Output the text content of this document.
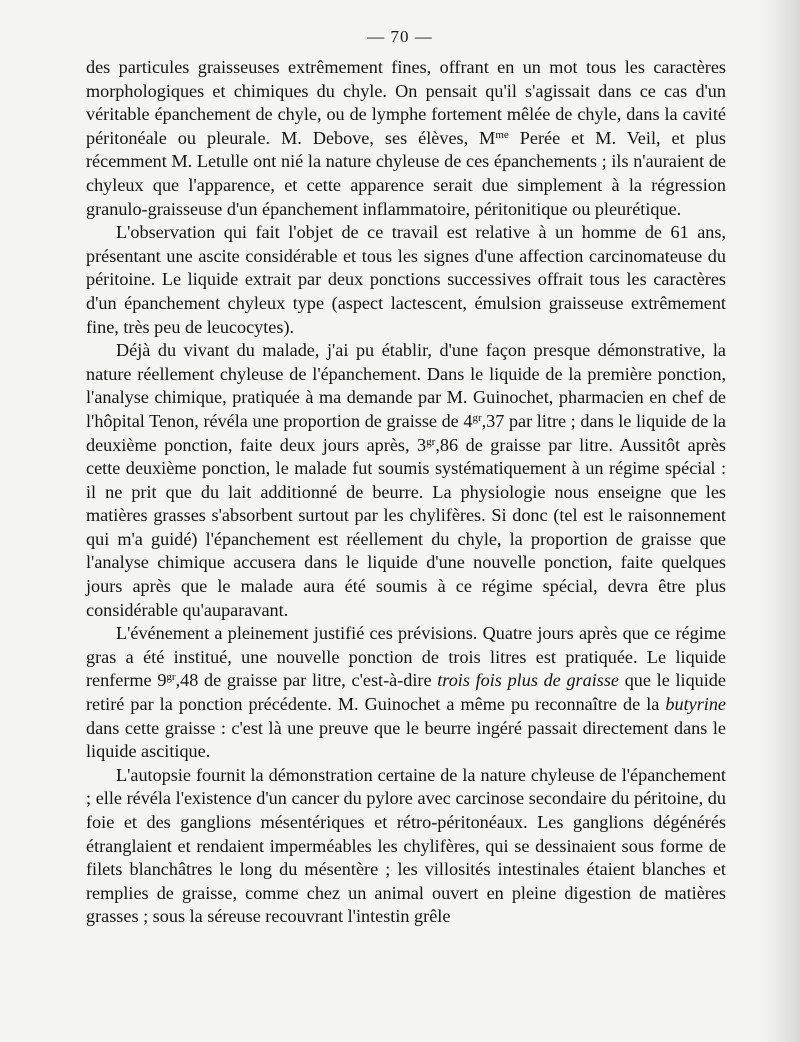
— 70 —

des particules graisseuses extrêmement fines, offrant en un mot tous les caractères morphologiques et chimiques du chyle. On pensait qu'il s'agissait dans ce cas d'un véritable épanchement de chyle, ou de lymphe fortement mêlée de chyle, dans la cavité péritonéale ou pleurale. M. Debove, ses élèves, $M^{me}$ Perée et M. Veil, et plus récemment M. Letulle ont nié la nature chyleuse de ces épanchements ; ils n'auraient de chyleux que l'apparence, et cette apparence serait due simplement à la régression granulo-graisseuse d'un épanchement inflammatoire, péritonitique ou pleurétique.

L'observation qui fait l'objet de ce travail est relative à un homme de 61 ans, présentant une ascite considérable et tous les signes d'une affection carcinomateuse du péritoine. Le liquide extrait par deux ponctions successives offrait tous les caractères d'un épanchement chyleux type (aspect lactescent, émulsion graisseuse extrêmement fine, très peu de leucocytes).

Déjà du vivant du malade, j'ai pu établir, d'une façon presque démonstrative, la nature réellement chyleuse de l'épanchement. Dans le liquide de la première ponction, l'analyse chimique, pratiquée à ma demande par M. Guinochet, pharmacien en chef de l'hôpital Tenon, révéla une proportion de graisse de $4^{gr},37$ par litre ; dans le liquide de la deuxième ponction, faite deux jours après, $3^{gr},86$ de graisse par litre. Aussitôt après cette deuxième ponction, le malade fut soumis systématiquement à un régime spécial : il ne prit que du lait additionné de beurre. La physiologie nous enseigne que les matières grasses s'absorbent surtout par les chylifères. Si donc (tel est le raisonnement qui m'a guidé) l'épanchement est réellement du chyle, la proportion de graisse que l'analyse chimique accusera dans le liquide d'une nouvelle ponction, faite quelques jours après que le malade aura été soumis à ce régime spécial, devra être plus considérable qu'auparavant.

L'événement a pleinement justifié ces prévisions. Quatre jours après que ce régime gras a été institué, une nouvelle ponction de trois litres est pratiquée. Le liquide renferme $9^{gr},48$ de graisse par litre, c'est-à-dire trois fois plus de graisse que le liquide retiré par la ponction précédente. M. Guinochet a même pu reconnaître de la butyrine dans cette graisse : c'est là une preuve que le beurre ingéré passait directement dans le liquide ascitique.

L'autopsie fournit la démonstration certaine de la nature chyleuse de l'épanchement ; elle révéla l'existence d'un cancer du pylore avec carcinose secondaire du péritoine, du foie et des ganglions mésentériques et rétro-péritonéaux. Les ganglions dégénérés étranglaient et rendaient imperméables les chylifères, qui se dessinaient sous forme de filets blanchâtres le long du mésentère ; les villosités intestinales étaient blanches et remplies de graisse, comme chez un animal ouvert en pleine digestion de matières grasses ; sous la séreuse recouvrant l'intestin grêle
